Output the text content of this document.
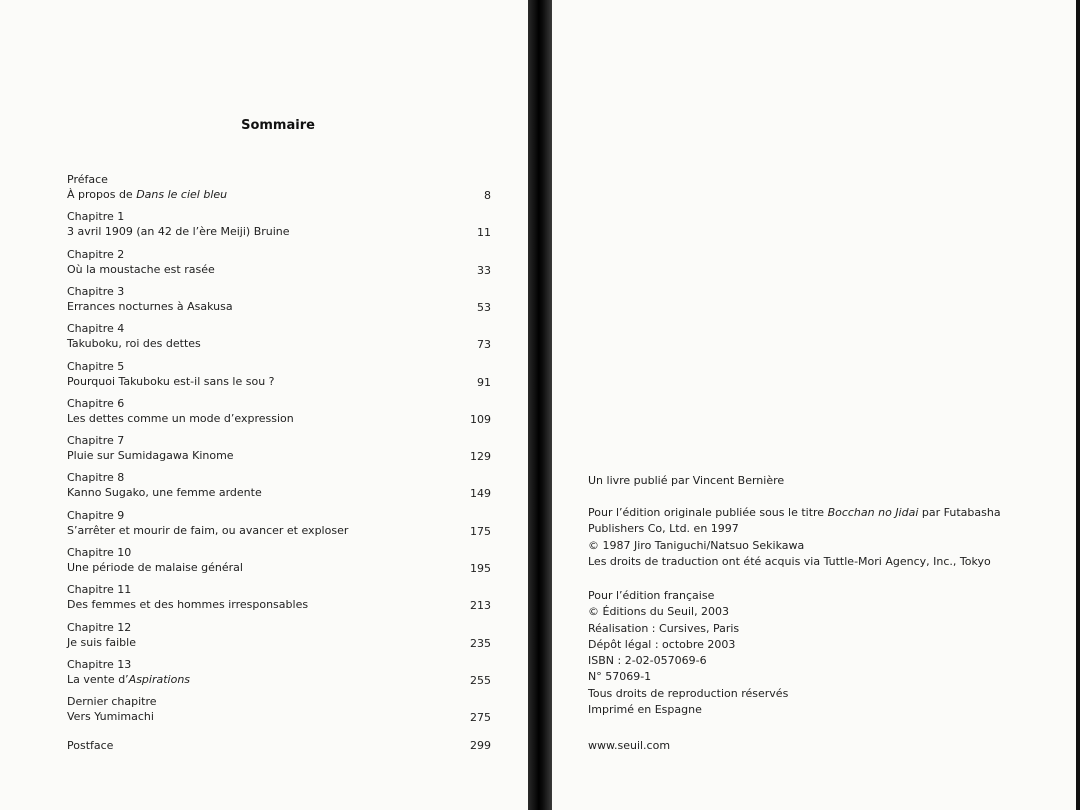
Sommaire
Préface
À propos de Dans le ciel bleu	8
Chapitre 1
3 avril 1909 (an 42 de l’ère Meiji) Bruine	11
Chapitre 2
Où la moustache est rasée	33
Chapitre 3
Errances nocturnes à Asakusa	53
Chapitre 4
Takuboku, roi des dettes	73
Chapitre 5
Pourquoi Takuboku est-il sans le sou ?	91
Chapitre 6
Les dettes comme un mode d’expression	109
Chapitre 7
Pluie sur Sumidagawa Kinome	129
Chapitre 8
Kanno Sugako, une femme ardente	149
Chapitre 9
S’arrêter et mourir de faim, ou avancer et exploser	175
Chapitre 10
Une période de malaise général	195
Chapitre 11
Des femmes et des hommes irresponsables	213
Chapitre 12
Je suis faible	235
Chapitre 13
La vente d’Aspirations	255
Dernier chapitre
Vers Yumimachi	275
Postface	299
Un livre publié par Vincent Bernière
Pour l’édition originale publiée sous le titre Bocchan no Jidai par Futabasha
Publishers Co, Ltd. en 1997
© 1987 Jiro Taniguchi/Natsuo Sekikawa
Les droits de traduction ont été acquis via Tuttle-Mori Agency, Inc., Tokyo
Pour l’édition française
© Éditions du Seuil, 2003
Réalisation : Cursives, Paris
Dépôt légal : octobre 2003
ISBN : 2-02-057069-6
N° 57069-1
Tous droits de reproduction réservés
Imprimé en Espagne
www.seuil.com
